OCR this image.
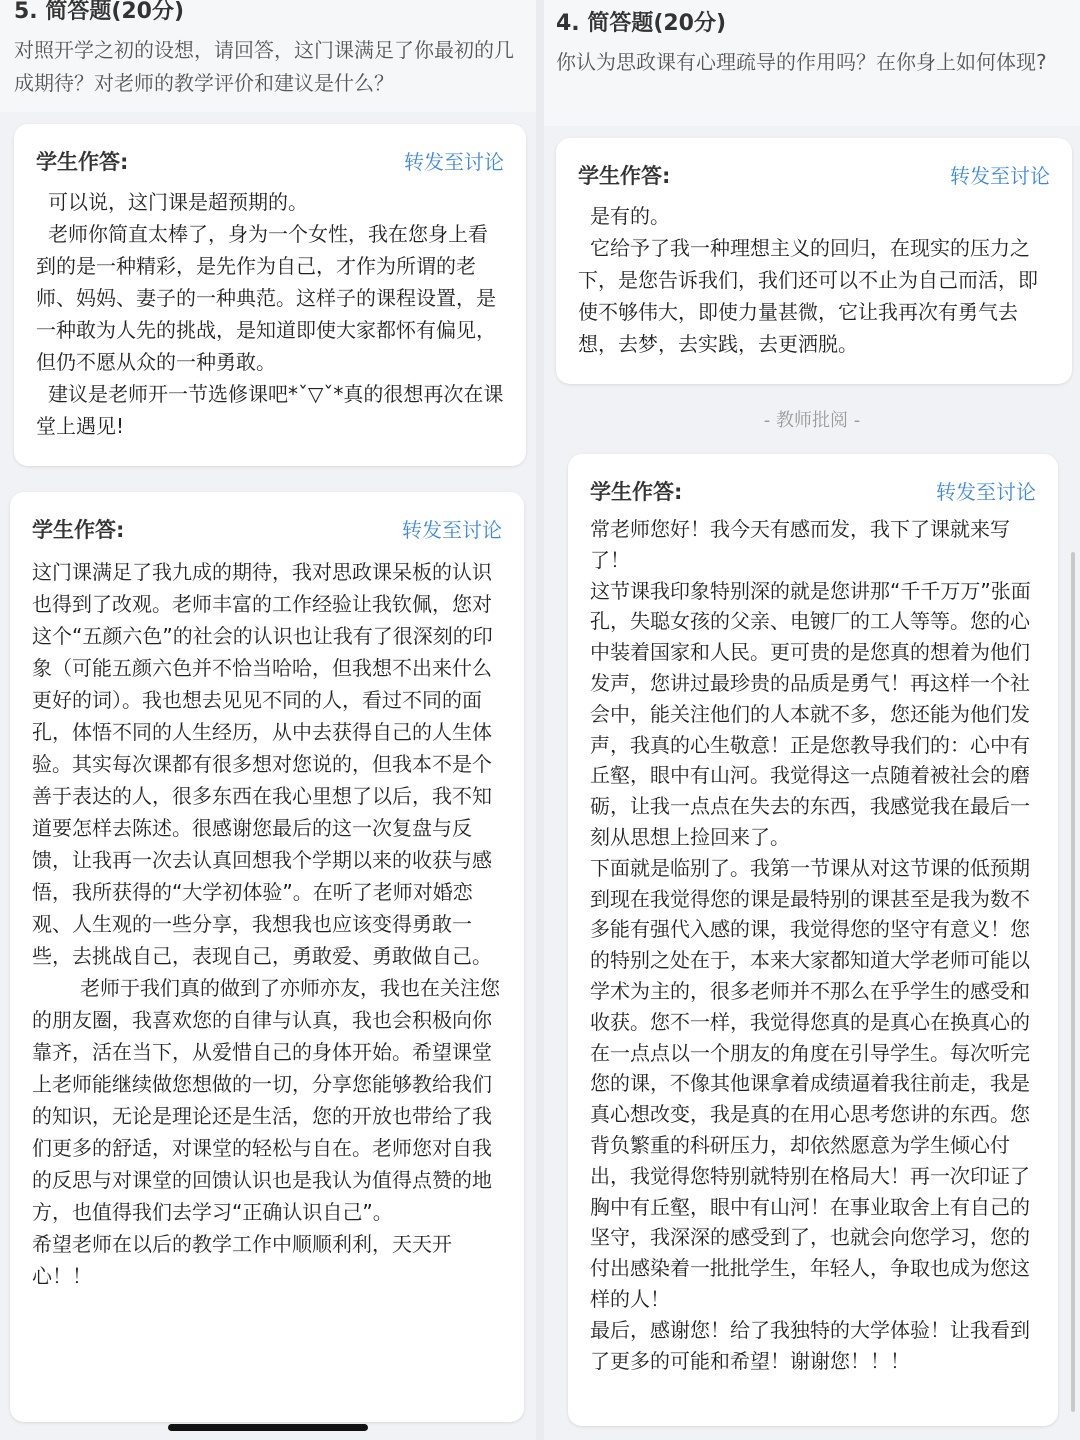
5. 简答题(20分)
对照开学之初的设想，请回答，这门课满足了你最初的几成期待？对老师的教学评价和建议是什么？
学生作答:	转发至讨论

可以说，这门课是超预期的。

老师你简直太棒了，身为一个女性，我在您身上看到的是一种精彩，是先作为自己，才作为所谓的老师、妈妈、妻子的一种典范。这样子的课程设置，是一种敢为人先的挑战，是知道即使大家都怀有偏见，但仍不愿从众的一种勇敢。

建议是老师开一节选修课吧*ˇ▽ˇ*真的很想再次在课堂上遇见!

学生作答:	转发至讨论

这门课满足了我九成的期待，我对思政课呆板的认识也得到了改观。老师丰富的工作经验让我钦佩，您对这个“五颜六色”的社会的认识也让我有了很深刻的印象（可能五颜六色并不恰当哈哈，但我想不出来什么更好的词）。我也想去见见不同的人，看过不同的面孔，体悟不同的人生经历，从中去获得自己的人生体验。其实每次课都有很多想对您说的，但我本不是个善于表达的人，很多东西在我心里想了以后，我不知道要怎样去陈述。很感谢您最后的这一次复盘与反馈，让我再一次去认真回想我个学期以来的收获与感悟，我所获得的“大学初体验”。在听了老师对婚恋观、人生观的一些分享，我想我也应该变得勇敢一些，去挑战自己，表现自己，勇敢爱、勇敢做自己。

老师于我们真的做到了亦师亦友，我也在关注您的朋友圈，我喜欢您的自律与认真，我也会积极向你靠齐，活在当下，从爱惜自己的身体开始。希望课堂上老师能继续做您想做的一切，分享您能够教给我们的知识，无论是理论还是生活，您的开放也带给了我们更多的舒适，对课堂的轻松与自在。老师您对自我的反思与对课堂的回馈认识也是我认为值得点赞的地方，也值得我们去学习“正确认识自己”。

希望老师在以后的教学工作中顺顺利利，天天开心！！

4. 简答题(20分)
你认为思政课有心理疏导的作用吗？在你身上如何体现?
学生作答:	转发至讨论

是有的。

它给予了我一种理想主义的回归，在现实的压力之下，是您告诉我们，我们还可以不止为自己而活，即使不够伟大，即使力量甚微，它让我再次有勇气去想，去梦，去实践，去更洒脱。

- 教师批阅 -
学生作答:	转发至讨论

常老师您好！我今天有感而发，我下了课就来写了！

这节课我印象特别深的就是您讲那“千千万万”张面孔，失聪女孩的父亲、电镀厂的工人等等。您的心中装着国家和人民。更可贵的是您真的想着为他们发声，您讲过最珍贵的品质是勇气！再这样一个社会中，能关注他们的人本就不多，您还能为他们发声，我真的心生敬意！正是您教导我们的：心中有丘壑，眼中有山河。我觉得这一点随着被社会的磨砺，让我一点点在失去的东西，我感觉我在最后一刻从思想上捡回来了。

下面就是临别了。我第一节课从对这节课的低预期到现在我觉得您的课是最特别的课甚至是我为数不多能有强代入感的课，我觉得您的坚守有意义！您的特别之处在于，本来大家都知道大学老师可能以学术为主的，很多老师并不那么在乎学生的感受和收获。您不一样，我觉得您真的是真心在换真心的在一点点以一个朋友的角度在引导学生。每次听完您的课，不像其他课拿着成绩逼着我往前走，我是真心想改变，我是真的在用心思考您讲的东西。您背负繁重的科研压力，却依然愿意为学生倾心付出，我觉得您特别就特别在格局大！再一次印证了胸中有丘壑，眼中有山河！在事业取舍上有自己的坚守，我深深的感受到了，也就会向您学习，您的付出感染着一批批学生，年轻人，争取也成为您这样的人！

最后，感谢您！给了我独特的大学体验！让我看到了更多的可能和希望！谢谢您！！！
